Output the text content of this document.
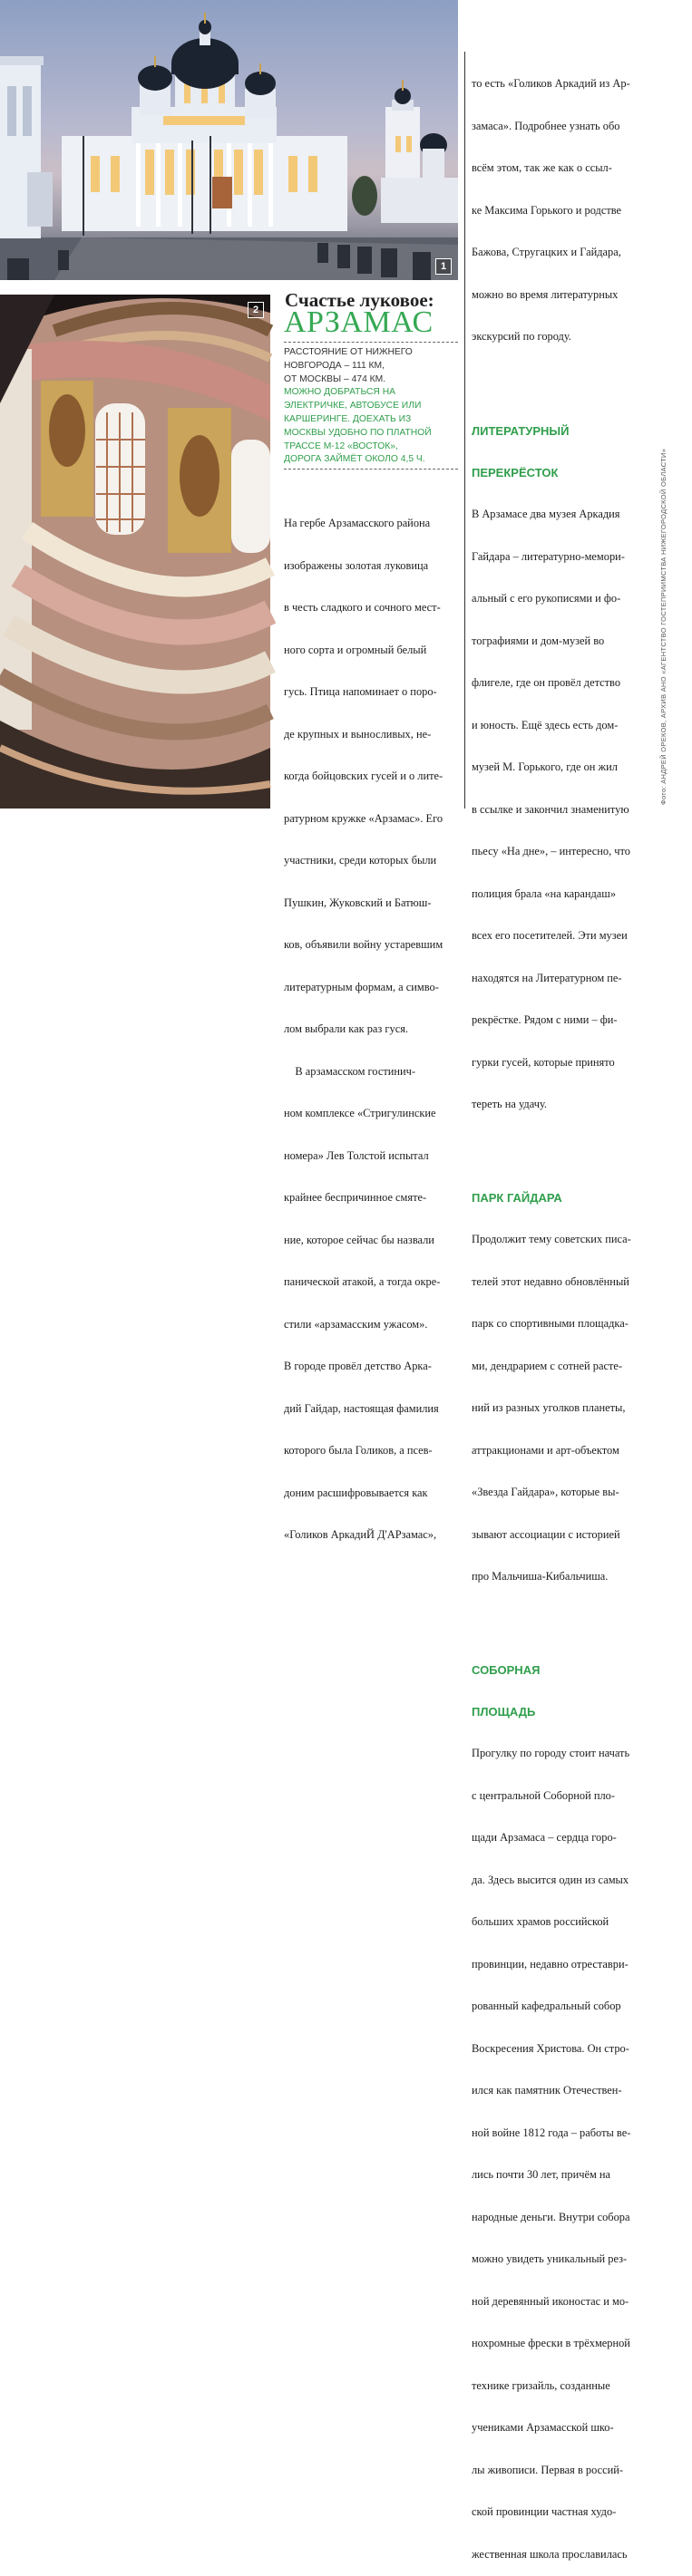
1
2 Счастье луковое:
АРЗАМАС
РАССТОЯНИЕ ОТ НИЖНЕГО
НОВГОРОДА – 111 КМ,
ОТ МОСКВЫ – 474 КМ.
МОЖНО ДОБРАТЬСЯ НА
ЭЛЕКТРИЧКЕ, АВТОБУСЕ ИЛИ
КАРШЕРИНГЕ. ДОЕХАТЬ ИЗ
МОСКВЫ УДОБНО ПО ПЛАТНОЙ
ТРАССЕ М-12 «ВОСТОК»,
ДОРОГА ЗАЙМЁТ ОКОЛО 4,5 Ч.

На гербе Арзамасского района

изображены золотая луковица

в честь сладкого и сочного мест-

ного сорта и огромный белый

гусь. Птица напоминает о поро-

де крупных и выносливых, не-

когда бойцовских гусей и о лите-

ратурном кружке «Арзамас». Его

участники, среди которых были

Пушкин, Жуковский и Батюш-

ков, объявили войну устаревшим

литературным формам, а симво-

лом выбрали как раз гуся.

В арзамасском гостинич-

ном комплексе «Стригулинские

номера» Лев Толстой испытал

крайнее беспричинное смяте-

ние, которое сейчас бы назвали

панической атакой, а тогда окре-

стили «арзамасским ужасом».

В городе провёл детство Арка-

дий Гайдар, настоящая фамилия

которого была Голиков, а псев-

доним расшифровывается как

«Голиков АркадиЙ Д'АРзамас»,

то есть «Голиков Аркадий из Ар-

замаса». Подробнее узнать обо

всём этом, так же как о ссыл-

ке Максима Горького и родстве

Бажова, Стругацких и Гайдара,

можно во время литературных

экскурсий по городу.

ЛИТЕРАТУРНЫЙ

ПЕРЕКРЁСТОК

В Арзамасе два музея Аркадия

Гайдара – литературно-мемори-

альный с его рукописями и фо-

тографиями и дом-музей во

флигеле, где он провёл детство

и юность. Ещё здесь есть дом-

музей М. Горького, где он жил

в ссылке и закончил знаменитую

пьесу «На дне», – интересно, что

полиция брала «на карандаш»

всех его посетителей. Эти музеи

находятся на Литературном пе-

рекрёстке. Рядом с ними – фи-

гурки гусей, которые принято

тереть на удачу.

ПАРК ГАЙДАРА

Продолжит тему советских писа-

телей этот недавно обновлённый

парк со спортивными площадка-

ми, дендрарием с сотней расте-

ний из разных уголков планеты,

аттракционами и арт-объектом

«Звезда Гайдара», которые вы-

зывают ассоциации с историей

про Мальчиша-Кибальчиша.

СОБОРНАЯ

ПЛОЩАДЬ

Прогулку по городу стоит начать

с центральной Соборной пло-

щади Арзамаса – сердца горо-

да. Здесь высится один из самых

больших храмов российской

провинции, недавно отреставри-

рованный кафедральный собор

Воскресения Христова. Он стро-

ился как памятник Отечествен-

ной войне 1812 года – работы ве-

лись почти 30 лет, причём на

народные деньги. Внутри собора

можно увидеть уникальный рез-

ной деревянный иконостас и мо-

нохромные фрески в трёхмерной

технике гризайль, созданные

учениками Арзамасской шко-

лы живописи. Первая в россий-

ской провинции частная худо-

жественная школа прославилась

Фото: АНДРЕЙ ОРЕКОВ, АРХИВ АНО «АГЕНТСТВО ГОСТЕПРИИМСТВА НИЖЕГОРОДСКОЙ ОБЛАСТИ»
